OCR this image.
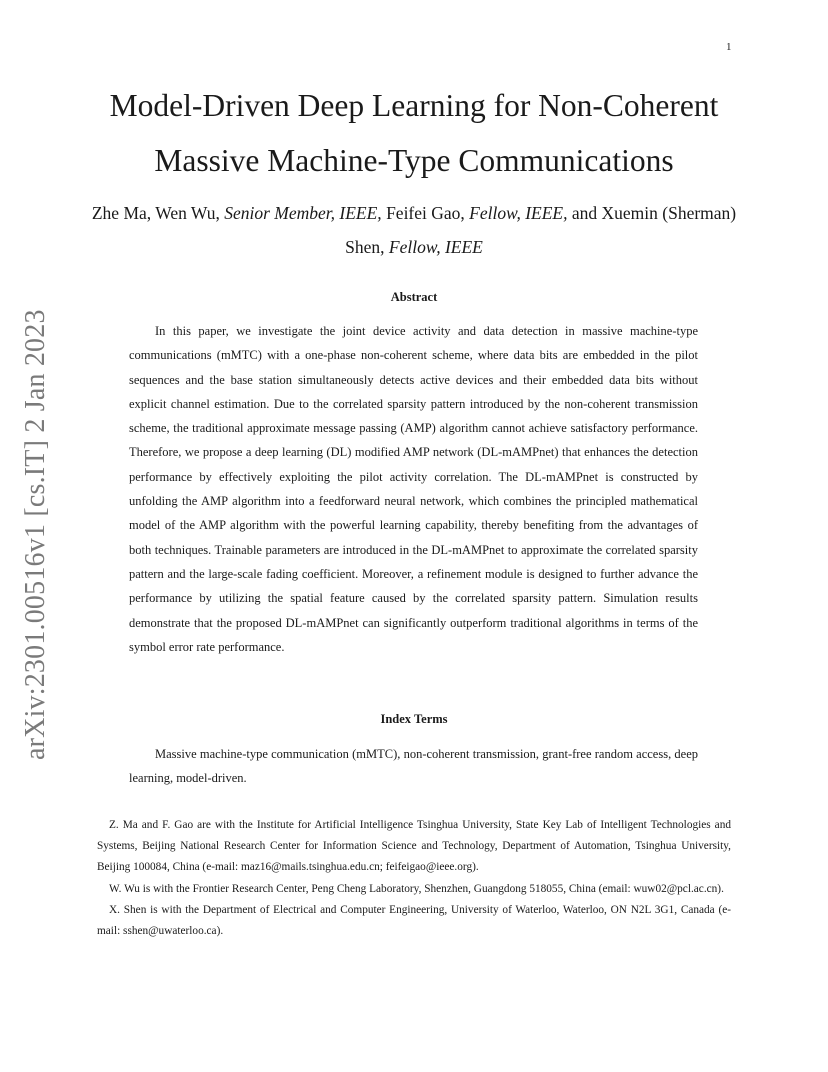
1
arXiv:2301.00516v1 [cs.IT] 2 Jan 2023
Model-Driven Deep Learning for Non-Coherent
Massive Machine-Type Communications
Zhe Ma, Wen Wu, Senior Member, IEEE, Feifei Gao, Fellow, IEEE, and Xuemin (Sherman) Shen, Fellow, IEEE
Abstract

In this paper, we investigate the joint device activity and data detection in massive machine-type communications (mMTC) with a one-phase non-coherent scheme, where data bits are embedded in the pilot sequences and the base station simultaneously detects active devices and their embedded data bits without explicit channel estimation. Due to the correlated sparsity pattern introduced by the non-coherent transmission scheme, the traditional approximate message passing (AMP) algorithm cannot achieve satisfactory performance. Therefore, we propose a deep learning (DL) modified AMP network (DL-mAMPnet) that enhances the detection performance by effectively exploiting the pilot activity correlation. The DL-mAMPnet is constructed by unfolding the AMP algorithm into a feedforward neural network, which combines the principled mathematical model of the AMP algorithm with the powerful learning capability, thereby benefiting from the advantages of both techniques. Trainable parameters are introduced in the DL-mAMPnet to approximate the correlated sparsity pattern and the large-scale fading coefficient. Moreover, a refinement module is designed to further advance the performance by utilizing the spatial feature caused by the correlated sparsity pattern. Simulation results demonstrate that the proposed DL-mAMPnet can significantly outperform traditional algorithms in terms of the symbol error rate performance.

Index Terms

Massive machine-type communication (mMTC), non-coherent transmission, grant-free random access, deep learning, model-driven.

Z. Ma and F. Gao are with the Institute for Artificial Intelligence Tsinghua University, State Key Lab of Intelligent Technologies and Systems, Beijing National Research Center for Information Science and Technology, Department of Automation, Tsinghua University, Beijing 100084, China (e-mail: maz16@mails.tsinghua.edu.cn; feifeigao@ieee.org).

W. Wu is with the Frontier Research Center, Peng Cheng Laboratory, Shenzhen, Guangdong 518055, China (email: wuw02@pcl.ac.cn).

X. Shen is with the Department of Electrical and Computer Engineering, University of Waterloo, Waterloo, ON N2L 3G1, Canada (e-mail: sshen@uwaterloo.ca).
